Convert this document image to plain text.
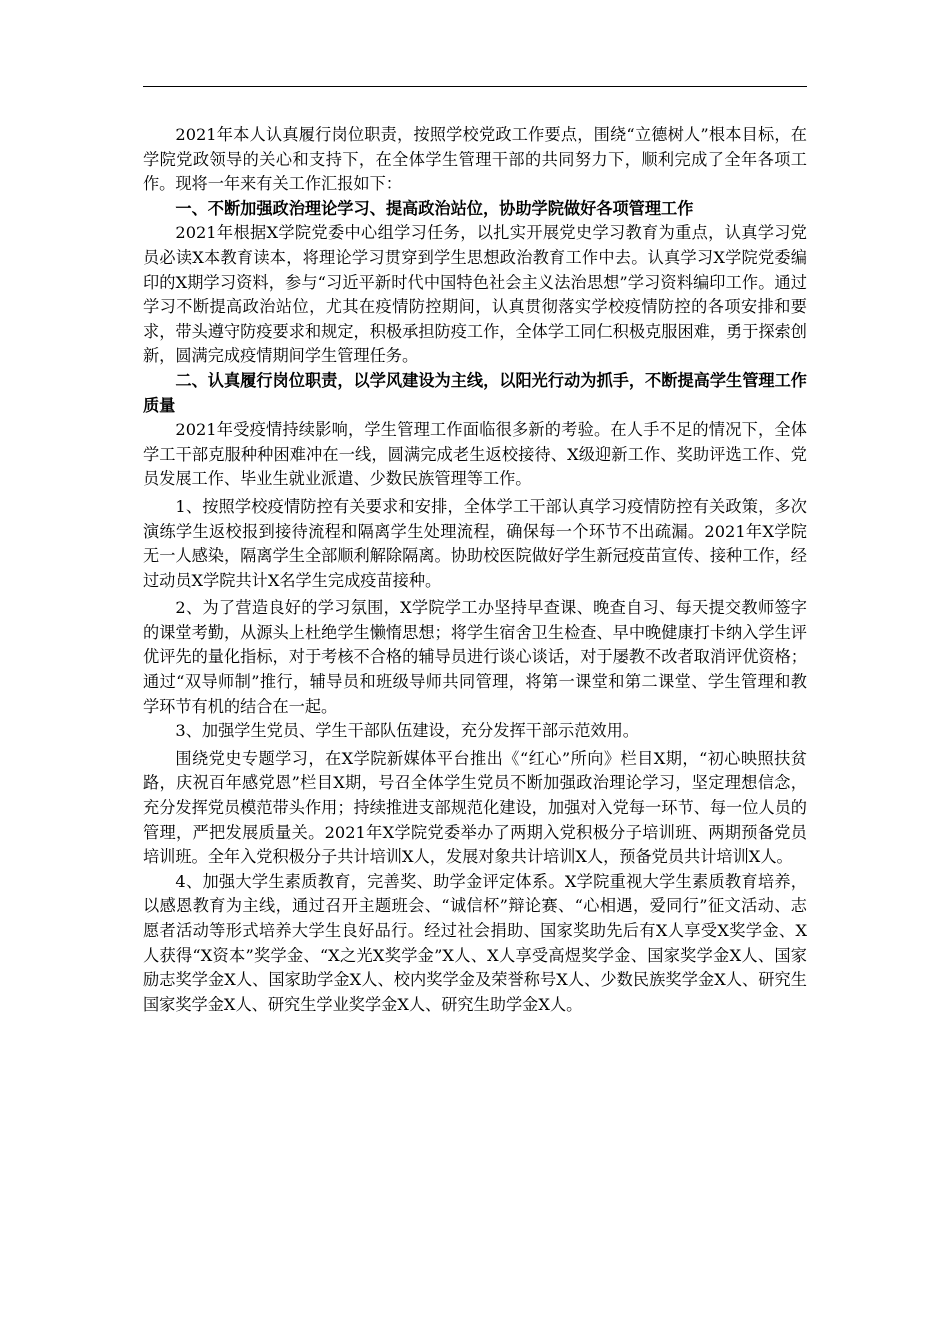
2021年本人认真履行岗位职责，按照学校党政工作要点，围绕“立德树人”根本目标，在学院党政领导的关心和支持下，在全体学生管理干部的共同努力下，顺利完成了全年各项工作。现将一年来有关工作汇报如下：

一、不断加强政治理论学习、提高政治站位，协助学院做好各项管理工作

2021年根据X学院党委中心组学习任务，以扎实开展党史学习教育为重点，认真学习党员必读X本教育读本，将理论学习贯穿到学生思想政治教育工作中去。认真学习X学院党委编印的X期学习资料，参与“习近平新时代中国特色社会主义法治思想”学习资料编印工作。通过学习不断提高政治站位，尤其在疫情防控期间，认真贯彻落实学校疫情防控的各项安排和要求，带头遵守防疫要求和规定，积极承担防疫工作，全体学工同仁积极克服困难，勇于探索创新，圆满完成疫情期间学生管理任务。

二、认真履行岗位职责，以学风建设为主线，以阳光行动为抓手，不断提高学生管理工作质量

2021年受疫情持续影响，学生管理工作面临很多新的考验。在人手不足的情况下，全体学工干部克服种种困难冲在一线，圆满完成老生返校接待、X级迎新工作、奖助评选工作、党员发展工作、毕业生就业派遣、少数民族管理等工作。

1、按照学校疫情防控有关要求和安排，全体学工干部认真学习疫情防控有关政策，多次演练学生返校报到接待流程和隔离学生处理流程，确保每一个环节不出疏漏。2021年X学院无一人感染，隔离学生全部顺利解除隔离。协助校医院做好学生新冠疫苗宣传、接种工作，经过动员X学院共计X名学生完成疫苗接种。

2、为了营造良好的学习氛围，X学院学工办坚持早查课、晚查自习、每天提交教师签字的课堂考勤，从源头上杜绝学生懒惰思想；将学生宿舍卫生检查、早中晚健康打卡纳入学生评优评先的量化指标，对于考核不合格的辅导员进行谈心谈话，对于屡教不改者取消评优资格；通过“双导师制”推行，辅导员和班级导师共同管理，将第一课堂和第二课堂、学生管理和教学环节有机的结合在一起。

3、加强学生党员、学生干部队伍建设，充分发挥干部示范效用。

围绕党史专题学习，在X学院新媒体平台推出《“红心”所向》栏目X期，“初心映照扶贫路，庆祝百年感党恩”栏目X期，号召全体学生党员不断加强政治理论学习，坚定理想信念，充分发挥党员模范带头作用；持续推进支部规范化建设，加强对入党每一环节、每一位人员的管理，严把发展质量关。2021年X学院党委举办了两期入党积极分子培训班、两期预备党员培训班。全年入党积极分子共计培训X人，发展对象共计培训X人，预备党员共计培训X人。

4、加强大学生素质教育，完善奖、助学金评定体系。X学院重视大学生素质教育培养，以感恩教育为主线，通过召开主题班会、“诚信杯”辩论赛、“心相遇，爱同行”征文活动、志愿者活动等形式培养大学生良好品行。经过社会捐助、国家奖助先后有X人享受X奖学金、X人获得“X资本”奖学金、“X之光X奖学金”X人、X人享受高煜奖学金、国家奖学金X人、国家励志奖学金X人、国家助学金X人、校内奖学金及荣誉称号X人、少数民族奖学金X人、研究生国家奖学金X人、研究生学业奖学金X人、研究生助学金X人。
